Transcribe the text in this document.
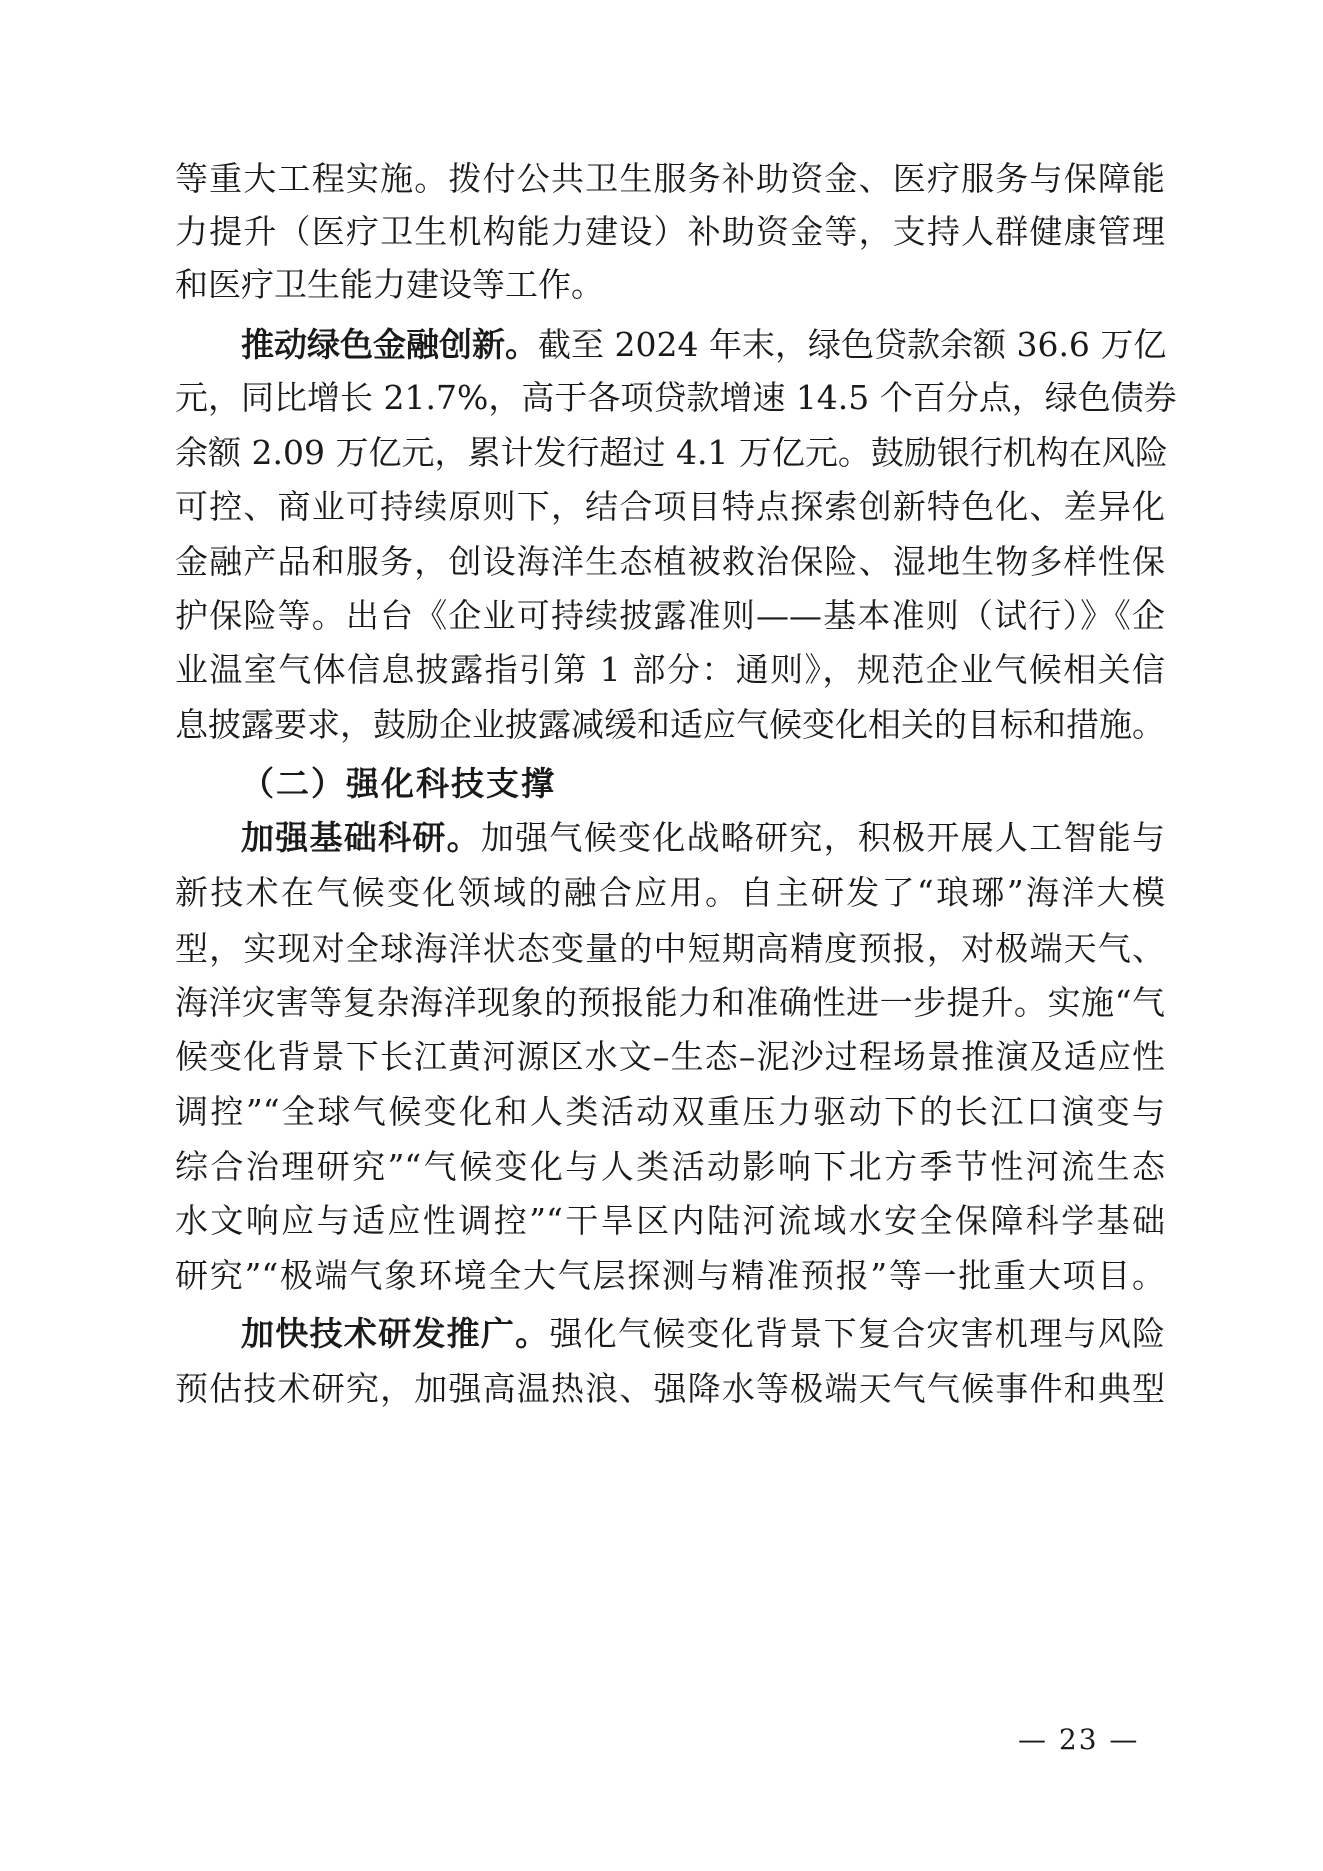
等重大工程实施。拨付公共卫生服务补助资金、医疗服务与保障能
力提升（医疗卫生机构能力建设）补助资金等，支持人群健康管理
和医疗卫生能力建设等工作。
推动绿色金融创新。截至 2024 年末，绿色贷款余额 36.6 万亿
元，同比增长 21.7%，高于各项贷款增速 14.5 个百分点，绿色债券
余额 2.09 万亿元，累计发行超过 4.1 万亿元。鼓励银行机构在风险
可控、商业可持续原则下，结合项目特点探索创新特色化、差异化
金融产品和服务，创设海洋生态植被救治保险、湿地生物多样性保
护保险等。出台《企业可持续披露准则——基本准则（试行）》《企
业温室气体信息披露指引第 1 部分：通则》，规范企业气候相关信
息披露要求，鼓励企业披露减缓和适应气候变化相关的目标和措施。
（二）强化科技支撑
加强基础科研。加强气候变化战略研究，积极开展人工智能与
新技术在气候变化领域的融合应用。自主研发了“琅琊”海洋大模
型，实现对全球海洋状态变量的中短期高精度预报，对极端天气、
海洋灾害等复杂海洋现象的预报能力和准确性进一步提升。实施“气
候变化背景下长江黄河源区水文–生态–泥沙过程场景推演及适应性
调控”“全球气候变化和人类活动双重压力驱动下的长江口演变与
综合治理研究”“气候变化与人类活动影响下北方季节性河流生态
水文响应与适应性调控”“干旱区内陆河流域水安全保障科学基础
研究”“极端气象环境全大气层探测与精准预报”等一批重大项目。
加快技术研发推广。强化气候变化背景下复合灾害机理与风险
预估技术研究，加强高温热浪、强降水等极端天气气候事件和典型
— 23 —
